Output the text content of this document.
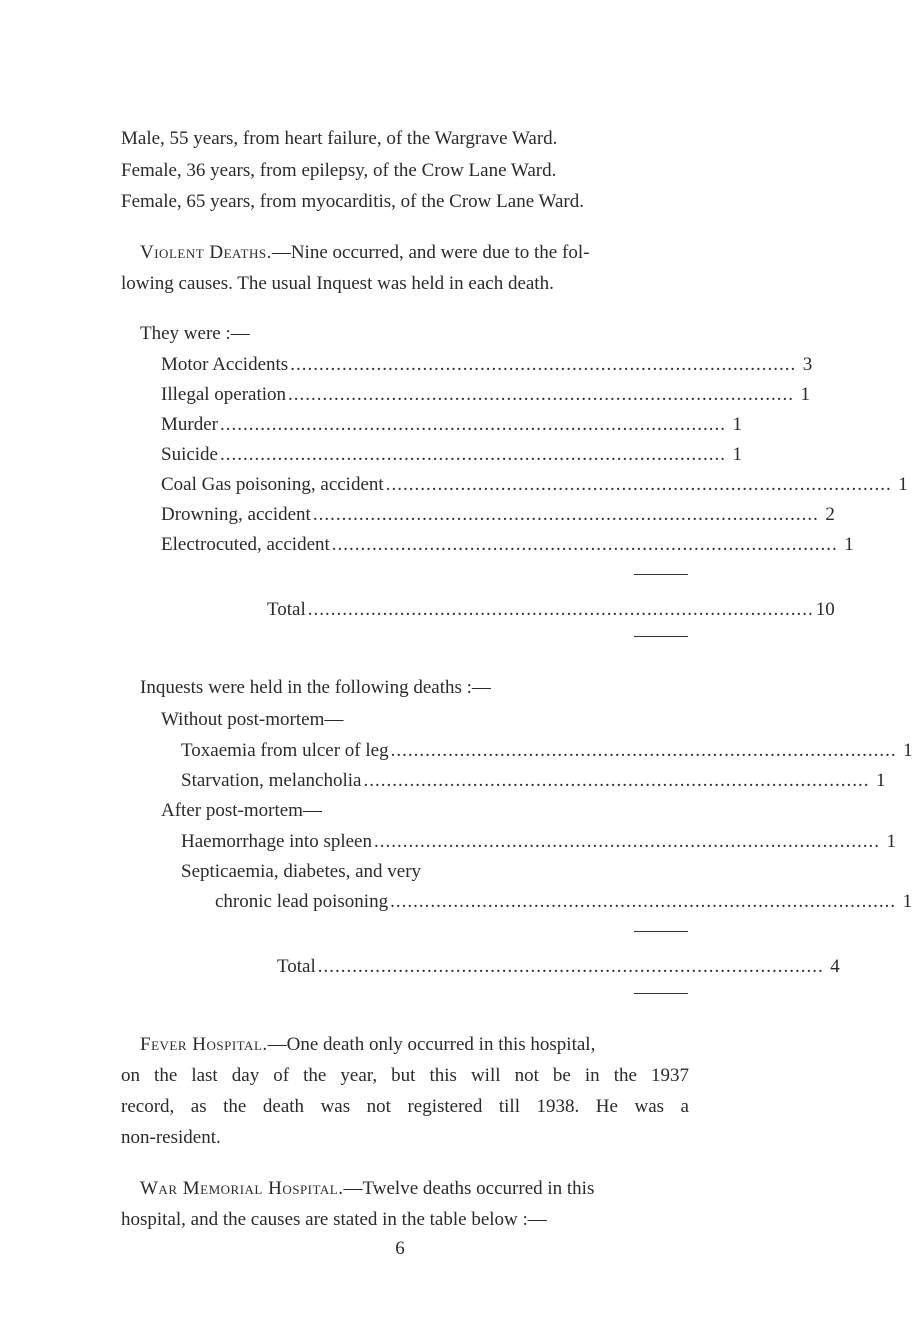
Male, 55 years, from heart failure, of the Wargrave Ward.
Female, 36 years, from epilepsy, of the Crow Lane Ward.
Female, 65 years, from myocarditis, of the Crow Lane Ward.
Violent Deaths.—Nine occurred, and were due to the fol-
lowing causes. The usual Inquest was held in each death.
They were :—
Motor Accidents ........................................................................................ 3
Illegal operation ........................................................................................ 1
Murder ........................................................................................ 1
Suicide ........................................................................................ 1
Coal Gas poisoning, accident ........................................................................................ 1
Drowning, accident ........................................................................................ 2
Electrocuted, accident ........................................................................................ 1
Total ........................................................................................ 10
Inquests were held in the following deaths :—
Without post-mortem—
Toxaemia from ulcer of leg ........................................................................................ 1
Starvation, melancholia ........................................................................................ 1
After post-mortem—
Haemorrhage into spleen ........................................................................................ 1
Septicaemia, diabetes, and very
chronic lead poisoning ........................................................................................ 1
Total ........................................................................................ 4
Fever Hospital.—One death only occurred in this hospital,
on the last day of the year, but this will not be in the 1937
record, as the death was not registered till 1938. He was a
non-resident.
War Memorial Hospital.—Twelve deaths occurred in this
hospital, and the causes are stated in the table below :—
6
